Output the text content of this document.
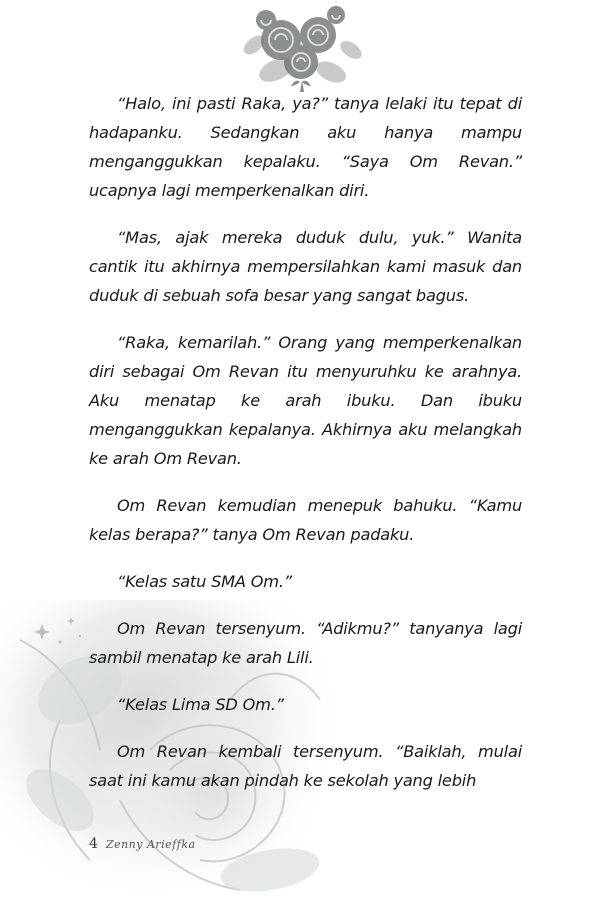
“Halo, ini pasti Raka, ya?” tanya lelaki itu tepat di hadapanku. Sedangkan aku hanya mampu menganggukkan kepalaku. “Saya Om Revan.” ucapnya lagi memperkenalkan diri.

“Mas, ajak mereka duduk dulu, yuk.” Wanita cantik itu akhirnya mempersilahkan kami masuk dan duduk di sebuah sofa besar yang sangat bagus.

“Raka, kemarilah.” Orang yang memperkenalkan diri sebagai Om Revan itu menyuruhku ke arahnya. Aku menatap ke arah ibuku. Dan ibuku menganggukkan kepalanya. Akhirnya aku melangkah ke arah Om Revan.

Om Revan kemudian menepuk bahuku. “Kamu kelas berapa?” tanya Om Revan padaku.

“Kelas satu SMA Om.”

Om Revan tersenyum. “Adikmu?” tanyanya lagi sambil menatap ke arah Lili.

“Kelas Lima SD Om.”

Om Revan kembali tersenyum. “Baiklah, mulai saat ini kamu akan pindah ke sekolah yang lebih

4 Zenny Arieffka
